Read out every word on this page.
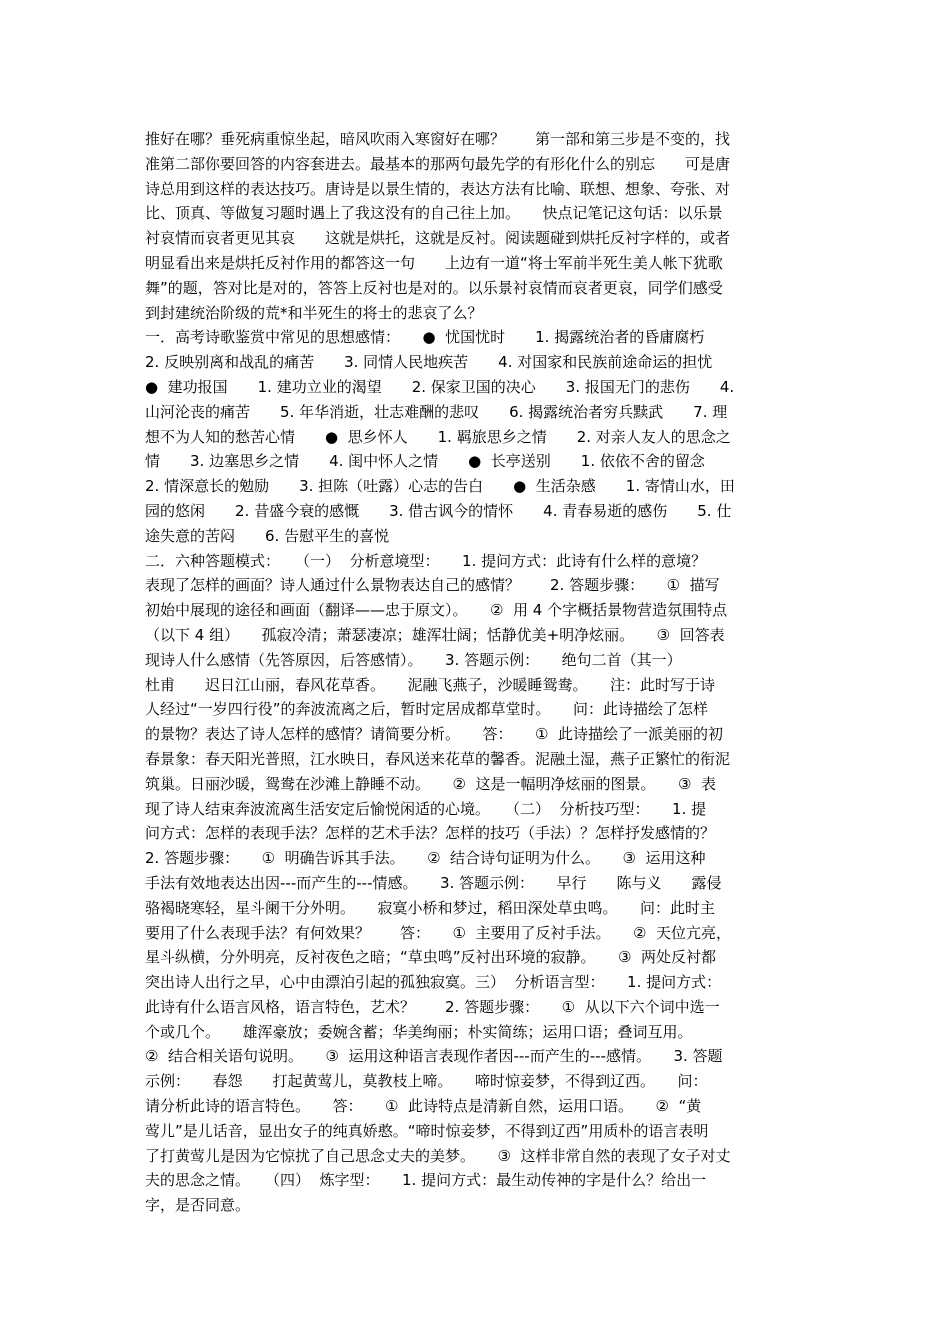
推好在哪？垂死病重惊坐起，暗风吹雨入寒窗好在哪？　　第一部和第三步是不变的，找
准第二部你要回答的内容套进去。最基本的那两句最先学的有形化什么的别忘　　可是唐
诗总用到这样的表达技巧。唐诗是以景生情的，表达方法有比喻、联想、想象、夸张、对
比、顶真、等做复习题时遇上了我这没有的自己往上加。　　快点记笔记这句话：以乐景
衬哀情而哀者更见其哀　　这就是烘托，这就是反衬。阅读题碰到烘托反衬字样的，或者
明显看出来是烘托反衬作用的都答这一句　　上边有一道“将士军前半死生美人帐下犹歌
舞”的题，答对比是对的，答答上反衬也是对的。以乐景衬哀情而哀者更哀，同学们感受
到封建统治阶级的荒*和半死生的将士的悲哀了么？
一．高考诗歌鉴赏中常见的思想感情：　　●  忧国忧时　　1. 揭露统治者的昏庸腐朽
2. 反映别离和战乱的痛苦　　3. 同情人民地疾苦　　4. 对国家和民族前途命运的担忧
●  建功报国　　1. 建功立业的渴望　　2. 保家卫国的决心　　3. 报国无门的悲伤　　4.
山河沦丧的痛苦　　5. 年华消逝，壮志难酬的悲叹　　6. 揭露统治者穷兵黩武　　7. 理
想不为人知的愁苦心情　　●  思乡怀人　　1. 羁旅思乡之情　　2. 对亲人友人的思念之
情　　3. 边塞思乡之情　　4. 闺中怀人之情　　●  长亭送别　　1. 依依不舍的留念
2. 情深意长的勉励　　3. 担陈（吐露）心志的告白　　●  生活杂感　　1. 寄情山水，田
园的悠闲　　2. 昔盛今衰的感慨　　3. 借古讽今的情怀　　4. 青春易逝的感伤　　5. 仕
途失意的苦闷　　6. 告慰平生的喜悦
二．六种答题模式：　　（一）  分析意境型：　　1. 提问方式：此诗有什么样的意境？
表现了怎样的画面？诗人通过什么景物表达自己的感情？　　2. 答题步骤：　　①  描写
初始中展现的途径和画面（翻译——忠于原文）。　　②  用 4 个字概括景物营造氛围特点
（以下 4 组）　　孤寂冷清；萧瑟凄凉；雄浑壮阔；恬静优美+明净炫丽。　　③  回答表
现诗人什么感情（先答原因，后答感情）。　　3. 答题示例：　　绝句二首（其一）
杜甫　　迟日江山丽，春风花草香。　　泥融飞燕子，沙暖睡鸳鸯。　　注：此时写于诗
人经过“一岁四行役”的奔波流离之后，暂时定居成都草堂时。　　问：此诗描绘了怎样
的景物？表达了诗人怎样的感情？请简要分析。　　答：　　①  此诗描绘了一派美丽的初
春景象：春天阳光普照，江水映日，春风送来花草的馨香。泥融土湿，燕子正繁忙的衔泥
筑巢。日丽沙暖，鸳鸯在沙滩上静睡不动。　　②  这是一幅明净炫丽的图景。　　③  表
现了诗人结束奔波流离生活安定后愉悦闲适的心境。　　（二）  分析技巧型：　　1. 提
问方式：怎样的表现手法？怎样的艺术手法？怎样的技巧（手法）？怎样抒发感情的？
2. 答题步骤：　　①  明确告诉其手法。　　②  结合诗句证明为什么。　　③  运用这种
手法有效地表达出因---而产生的---情感。　　3. 答题示例：　　早行　　陈与义　　露侵
骆褐晓寒轻，星斗阑干分外明。　　寂寞小桥和梦过，稻田深处草虫鸣。　　问：此时主
要用了什么表现手法？有何效果？　　答：　　①  主要用了反衬手法。　　②  天位亢亮，
星斗纵横，分外明亮，反衬夜色之暗；“草虫鸣”反衬出环境的寂静。　　③  两处反衬都
突出诗人出行之早，心中由漂泊引起的孤独寂寞。三）  分析语言型：　　1. 提问方式：
此诗有什么语言风格，语言特色，艺术？　　2. 答题步骤：　　①  从以下六个词中选一
个或几个。　　雄浑豪放；委婉含蓄；华美绚丽；朴实简练；运用口语；叠词互用。
②  结合相关语句说明。　　③  运用这种语言表现作者因---而产生的---感情。　　3. 答题
示例：　　春怨　　打起黄莺儿，莫教枝上啼。　　啼时惊妾梦，不得到辽西。　　问：
请分析此诗的语言特色。　　答：　　①  此诗特点是清新自然，运用口语。　　②  “黄
莺儿”是儿话音，显出女子的纯真娇憨。“啼时惊妾梦，不得到辽西”用质朴的语言表明
了打黄莺儿是因为它惊扰了自己思念丈夫的美梦。　　③  这样非常自然的表现了女子对丈
夫的思念之情。　　（四）  炼字型：　　1. 提问方式：最生动传神的字是什么？给出一
字，是否同意。
